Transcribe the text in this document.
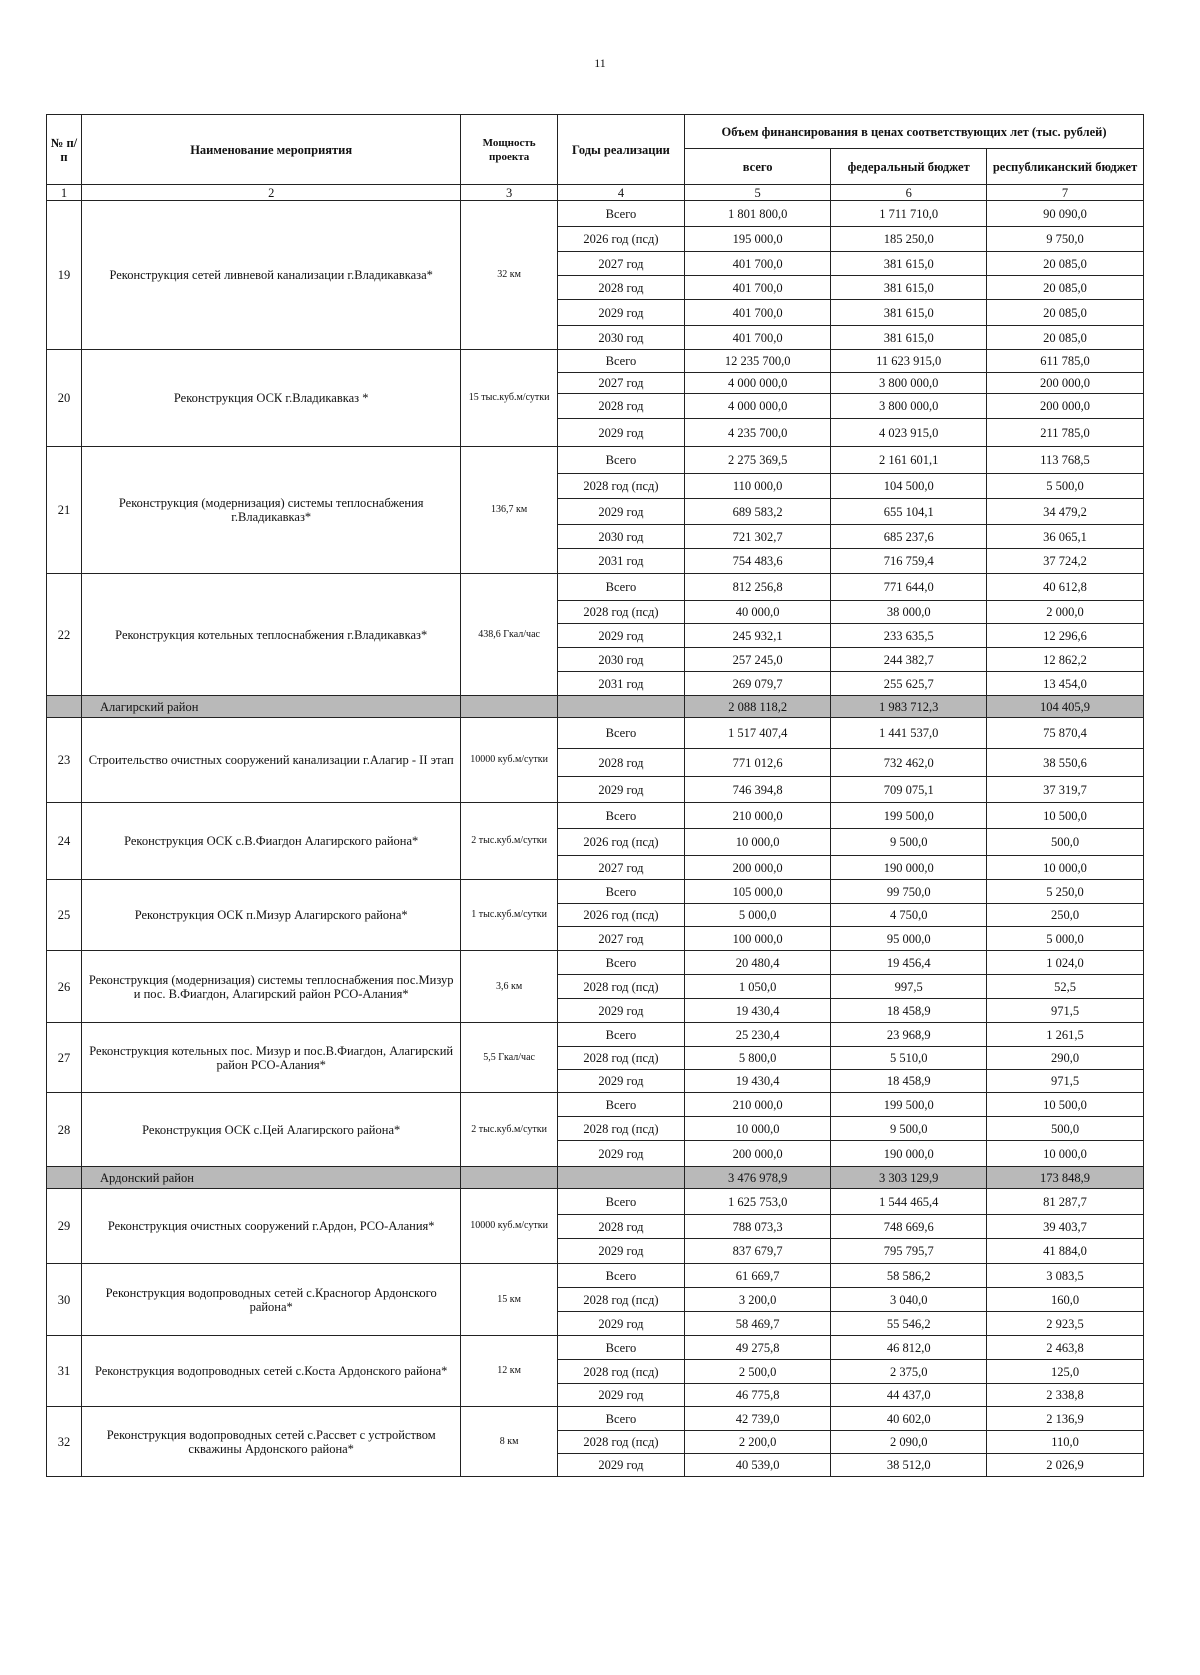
11
№ п/п	Наименование мероприятия	Мощность проекта	Годы реализации	Объем финансирования в ценах соответствующих лет (тыс. рублей)		
				всего	федеральный бюджет	республиканский бюджет
1	2	3	4	5	6	7
19	Реконструкция сетей ливневой канализации г.Владикавказа*	32 км	Всего	1 801 800,0	1 711 710,0	90 090,0
			2026 год (псд)	195 000,0	185 250,0	9 750,0
			2027 год	401 700,0	381 615,0	20 085,0
			2028 год	401 700,0	381 615,0	20 085,0
			2029 год	401 700,0	381 615,0	20 085,0
			2030 год	401 700,0	381 615,0	20 085,0
20	Реконструкция ОСК г.Владикавказ *	15 тыс.куб.м/сутки	Всего	12 235 700,0	11 623 915,0	611 785,0
			2027 год	4 000 000,0	3 800 000,0	200 000,0
			2028 год	4 000 000,0	3 800 000,0	200 000,0
			2029 год	4 235 700,0	4 023 915,0	211 785,0
21	Реконструкция (модернизация) системы теплоснабжения г.Владикавказ*	136,7 км	Всего	2 275 369,5	2 161 601,1	113 768,5
			2028 год (псд)	110 000,0	104 500,0	5 500,0
			2029 год	689 583,2	655 104,1	34 479,2
			2030 год	721 302,7	685 237,6	36 065,1
			2031 год	754 483,6	716 759,4	37 724,2
22	Реконструкция котельных теплоснабжения г.Владикавказ*	438,6 Гкал/час	Всего	812 256,8	771 644,0	40 612,8
			2028 год (псд)	40 000,0	38 000,0	2 000,0
			2029 год	245 932,1	233 635,5	12 296,6
			2030 год	257 245,0	244 382,7	12 862,2
			2031 год	269 079,7	255 625,7	13 454,0
	Алагирский район			2 088 118,2	1 983 712,3	104 405,9
23	Строительство очистных сооружений канализации г.Алагир - II этап	10000 куб.м/сутки	Всего	1 517 407,4	1 441 537,0	75 870,4
			2028 год	771 012,6	732 462,0	38 550,6
			2029 год	746 394,8	709 075,1	37 319,7
24	Реконструкция ОСК с.В.Фиагдон Алагирского района*	2 тыс.куб.м/сутки	Всего	210 000,0	199 500,0	10 500,0
			2026 год (псд)	10 000,0	9 500,0	500,0
			2027 год	200 000,0	190 000,0	10 000,0
25	Реконструкция ОСК п.Мизур Алагирского района*	1 тыс.куб.м/сутки	Всего	105 000,0	99 750,0	5 250,0
			2026 год (псд)	5 000,0	4 750,0	250,0
			2027 год	100 000,0	95 000,0	5 000,0
26	Реконструкция (модернизация) системы теплоснабжения пос.Мизур и пос. В.Фиагдон, Алагирский район РСО-Алания*	3,6 км	Всего	20 480,4	19 456,4	1 024,0
			2028 год (псд)	1 050,0	997,5	52,5
			2029 год	19 430,4	18 458,9	971,5
27	Реконструкция котельных пос. Мизур и пос.В.Фиагдон, Алагирский район РСО-Алания*	5,5 Гкал/час	Всего	25 230,4	23 968,9	1 261,5
			2028 год (псд)	5 800,0	5 510,0	290,0
			2029 год	19 430,4	18 458,9	971,5
28	Реконструкция ОСК с.Цей Алагирского района*	2 тыс.куб.м/сутки	Всего	210 000,0	199 500,0	10 500,0
			2028 год (псд)	10 000,0	9 500,0	500,0
			2029 год	200 000,0	190 000,0	10 000,0
	Ардонский район			3 476 978,9	3 303 129,9	173 848,9
29	Реконструкция очистных сооружений г.Ардон, РСО-Алания*	10000 куб.м/сутки	Всего	1 625 753,0	1 544 465,4	81 287,7
			2028 год	788 073,3	748 669,6	39 403,7
			2029 год	837 679,7	795 795,7	41 884,0
30	Реконструкция водопроводных сетей с.Красногор Ардонского района*	15 км	Всего	61 669,7	58 586,2	3 083,5
			2028 год (псд)	3 200,0	3 040,0	160,0
			2029 год	58 469,7	55 546,2	2 923,5
31	Реконструкция водопроводных сетей с.Коста Ардонского района*	12 км	Всего	49 275,8	46 812,0	2 463,8
			2028 год (псд)	2 500,0	2 375,0	125,0
			2029 год	46 775,8	44 437,0	2 338,8
32	Реконструкция водопроводных сетей с.Рассвет с устройством скважины Ардонского района*	8 км	Всего	42 739,0	40 602,0	2 136,9
			2028 год (псд)	2 200,0	2 090,0	110,0
			2029 год	40 539,0	38 512,0	2 026,9
